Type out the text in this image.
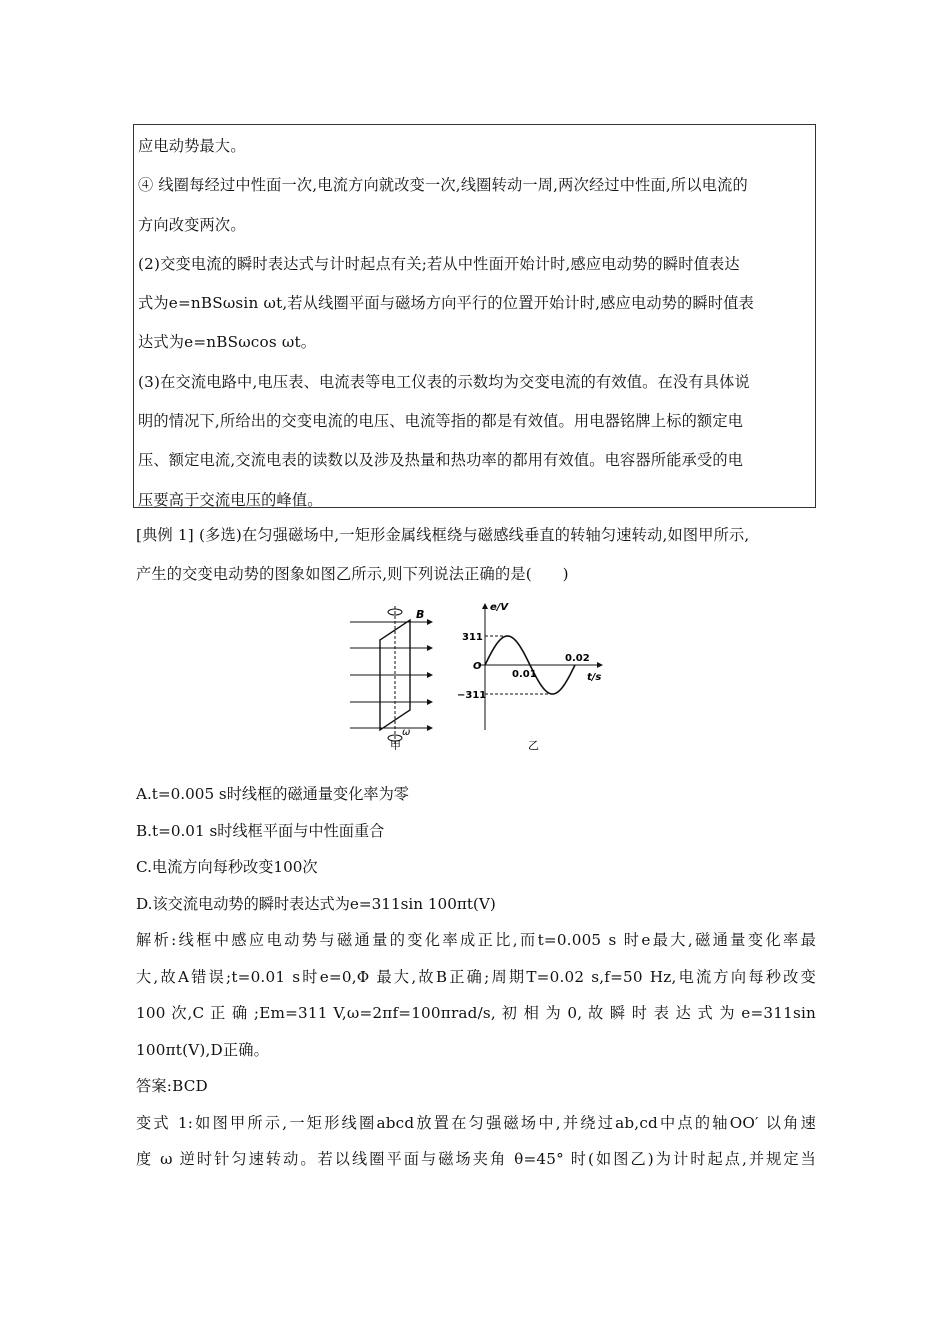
应电动势最大。
④ 线圈每经过中性面一次,电流方向就改变一次,线圈转动一周,两次经过中性面,所以电流的
方向改变两次。
(2)交变电流的瞬时表达式与计时起点有关;若从中性面开始计时,感应电动势的瞬时值表达
式为e=nBSωsin ωt,若从线圈平面与磁场方向平行的位置开始计时,感应电动势的瞬时值表
达式为e=nBSωcos ωt。
(3)在交流电路中,电压表、电流表等电工仪表的示数均为交变电流的有效值。在没有具体说
明的情况下,所给出的交变电流的电压、电流等指的都是有效值。用电器铭牌上标的额定电
压、额定电流,交流电表的读数以及涉及热量和热功率的都用有效值。电容器所能承受的电
压要高于交流电压的峰值。
[典例 1] (多选)在匀强磁场中,一矩形金属线框绕与磁感线垂直的转轴匀速转动,如图甲所示,
产生的交变电动势的图象如图乙所示,则下列说法正确的是(　　)
B
ω
甲
e/V
t/s
O
311
−311
0.01
0.02
乙
A.t=0.005 s时线框的磁通量变化率为零
B.t=0.01 s时线框平面与中性面重合
C.电流方向每秒改变100次
D.该交流电动势的瞬时表达式为e=311sin 100πt(V)
解析:线框中感应电动势与磁通量的变化率成正比,而t=0.005 s 时e最大,磁通量变化率最
大,故A错误;t=0.01 s时e=0,Φ 最大,故B正确;周期T=0.02 s,f=50 Hz,电流方向每秒改变
100 次,C 正 确 ;Em=311 V,ω=2πf=100πrad/s, 初 相 为 0, 故 瞬 时 表 达 式 为 e=311sin
100πt(V),D正确。
答案:BCD
变式 1:如图甲所示,一矩形线圈abcd放置在匀强磁场中,并绕过ab,cd中点的轴OO′ 以角速
度 ω 逆时针匀速转动。若以线圈平面与磁场夹角 θ=45° 时(如图乙)为计时起点,并规定当
